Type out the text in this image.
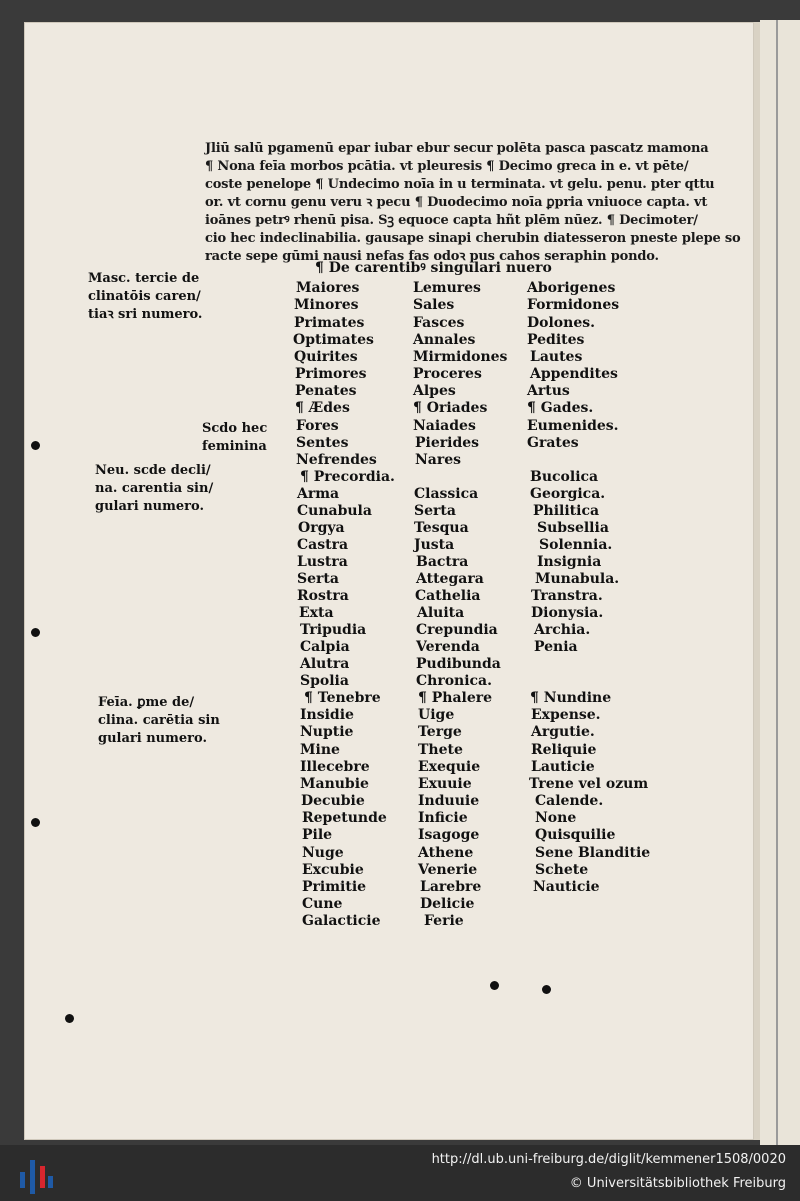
Jliū salū pgamenū epar iubar ebur secur polēta pasca pascatz mamona
¶ Nona feīa morbos pcātia. vt pleuresis ¶ Decimo greca in e. vt pēte/
coste penelope ¶ Undecimo noīa in u terminata. vt gelu. penu. pter qttu
or. vt cornu genu veru ꝛ pecu ¶ Duodecimo noīa ꝑpria vniuoce capta. vt
ioānes petrꝰ rhenū pisa. Sꝫ equoce capta hñt plēm nūez. ¶ Decimoter/
cio hec indeclinabilia. gausape sinapi cherubin diatesseron pneste plepe so
racte sepe gūmi nausi nefas fas odoꝛ pus cahos seraphin pondo.
¶ De carentibꝰ singulari nuero
Masc. tercie de
clinatōis caren/
tiaꝛ sri numero.
Scdo hec
feminina
Neu. scde decli/
na. carentia sin/
gulari numero.
Feīa. ꝑme de/
clina. carētia sin
gulari numero.
Maiores
Minores
Primates
Optimates
Quirites
Primores
Penates
¶ Ædes
Fores
Sentes
Nefrendes
¶ Precordia.
Arma
Cunabula
Orgya
Castra
Lustra
Serta
Rostra
Exta
Tripudia
Calpia
Alutra
Spolia
¶ Tenebre
Insidie
Nuptie
Mine
Illecebre
Manubie
Decubie
Repetunde
Pile
Nuge
Excubie
Primitie
Cune
Galacticie
Lemures
Sales
Fasces
Annales
Mirmidones
Proceres
Alpes
¶ Oriades
Naiades
Pierides
Nares
Classica
Serta
Tesqua
Justa
Bactra
Attegara
Cathelia
Aluita
Crepundia
Verenda
Pudibunda
Chronica.
¶ Phalere
Uige
Terge
Thete
Exequie
Exuuie
Induuie
Inficie
Isagoge
Athene
Venerie
Larebre
Delicie
Ferie
Aborigenes
Formidones
Dolones.
Pedites
Lautes
Appendites
Artus
¶ Gades.
Eumenides.
Grates
Bucolica
Georgica.
Philitica
Subsellia
Solennia.
Insignia
Munabula.
Transtra.
Dionysia.
Archia.
Penia
¶ Nundine
Expense.
Argutie.
Reliquie
Lauticie
Trene vel ozum
Calende.
None
Quisquilie
Sene Blanditie
Schete
Nauticie
http://dl.ub.uni-freiburg.de/diglit/kemmener1508/0020
© Universitätsbibliothek Freiburg
